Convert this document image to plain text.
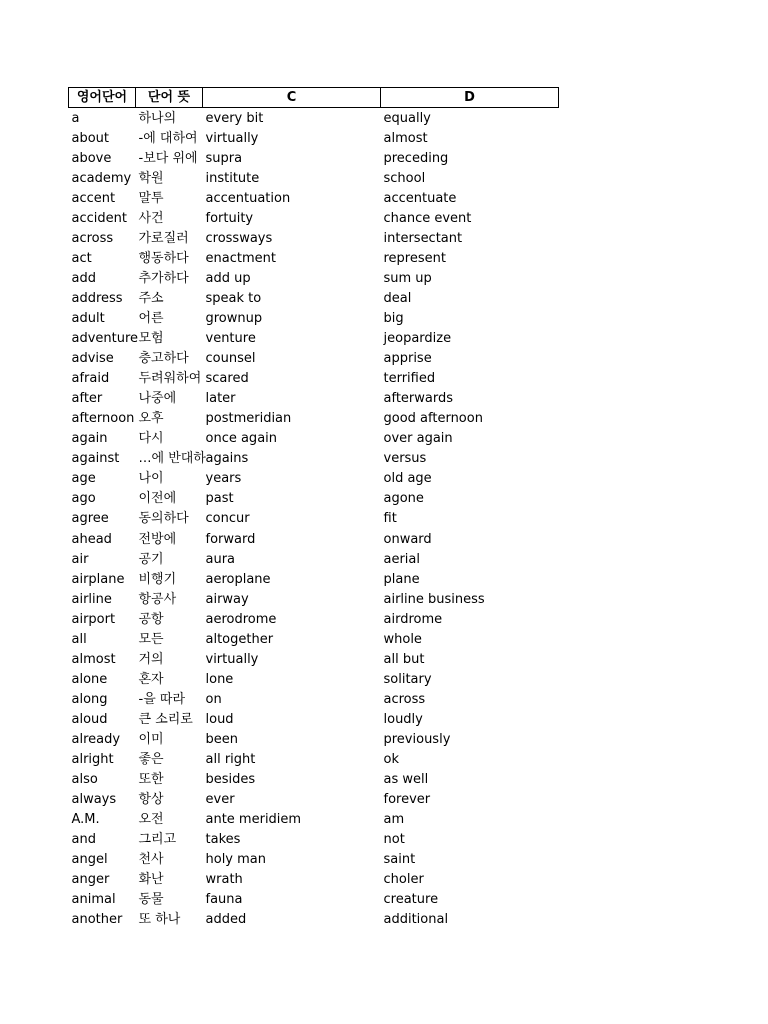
영어단어	단어 뜻	C	D
a	하나의	every bit	equally
about	-에 대하여	virtually	almost
above	-보다 위에	supra	preceding
academy	학원	institute	school
accent	말투	accentuation	accentuate
accident	사건	fortuity	chance event
across	가로질러	crossways	intersectant
act	행동하다	enactment	represent
add	추가하다	add up	sum up
address	주소	speak to	deal
adult	어른	grownup	big
adventure	모험	venture	jeopardize
advise	충고하다	counsel	apprise
afraid	두려워하여	scared	terrified
after	나중에	later	afterwards
afternoon	오후	postmeridian	good afternoon
again	다시	once again	over again
against	…에 반대하	agains	versus
age	나이	years	old age
ago	이전에	past	agone
agree	동의하다	concur	fit
ahead	전방에	forward	onward
air	공기	aura	aerial
airplane	비행기	aeroplane	plane
airline	항공사	airway	airline business
airport	공항	aerodrome	airdrome
all	모든	altogether	whole
almost	거의	virtually	all but
alone	혼자	lone	solitary
along	-을 따라	on	across
aloud	큰 소리로	loud	loudly
already	이미	been	previously
alright	좋은	all right	ok
also	또한	besides	as well
always	항상	ever	forever
A.M.	오전	ante meridiem	am
and	그리고	takes	not
angel	천사	holy man	saint
anger	화난	wrath	choler
animal	동물	fauna	creature
another	또 하나	added	additional
